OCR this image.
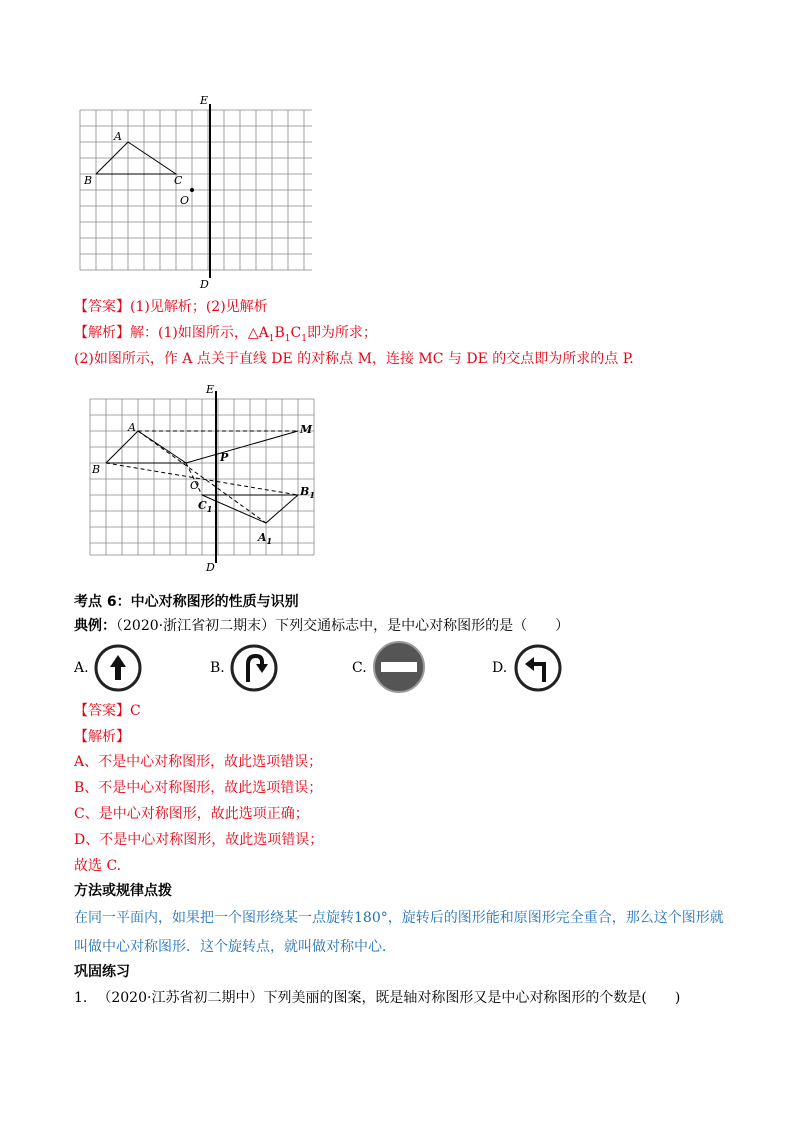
A
B	C
O
E
D
【答案】(1)见解析；(2)见解析
【解析】解：(1)如图所示，$\triangle A_1B_1C_1$即为所求；
(2)如图所示，作 A 点关于直线 DE 的对称点 M，连接 MC 与 DE 的交点即为所求的点 P.
A
B
M
P
O
E
D
$B_1$
$C_1$
$A_1$
考点 6：中心对称图形的性质与识别
典例：（2020·浙江省初二期末）下列交通标志中，是中心对称图形的是（　　）
A.	B.	C.	D.
【答案】C
【解析】
A、不是中心对称图形，故此选项错误；
B、不是中心对称图形，故此选项错误；
C、是中心对称图形，故此选项正确；
D、不是中心对称图形，故此选项错误；
故选 C.
方法或规律点拨
在同一平面内，如果把一个图形绕某一点旋转180°，旋转后的图形能和原图形完全重合，那么这个图形就
叫做中心对称图形．这个旋转点，就叫做对称中心．
巩固练习
1. （2020·江苏省初二期中）下列美丽的图案，既是轴对称图形又是中心对称图形的个数是(　　)
